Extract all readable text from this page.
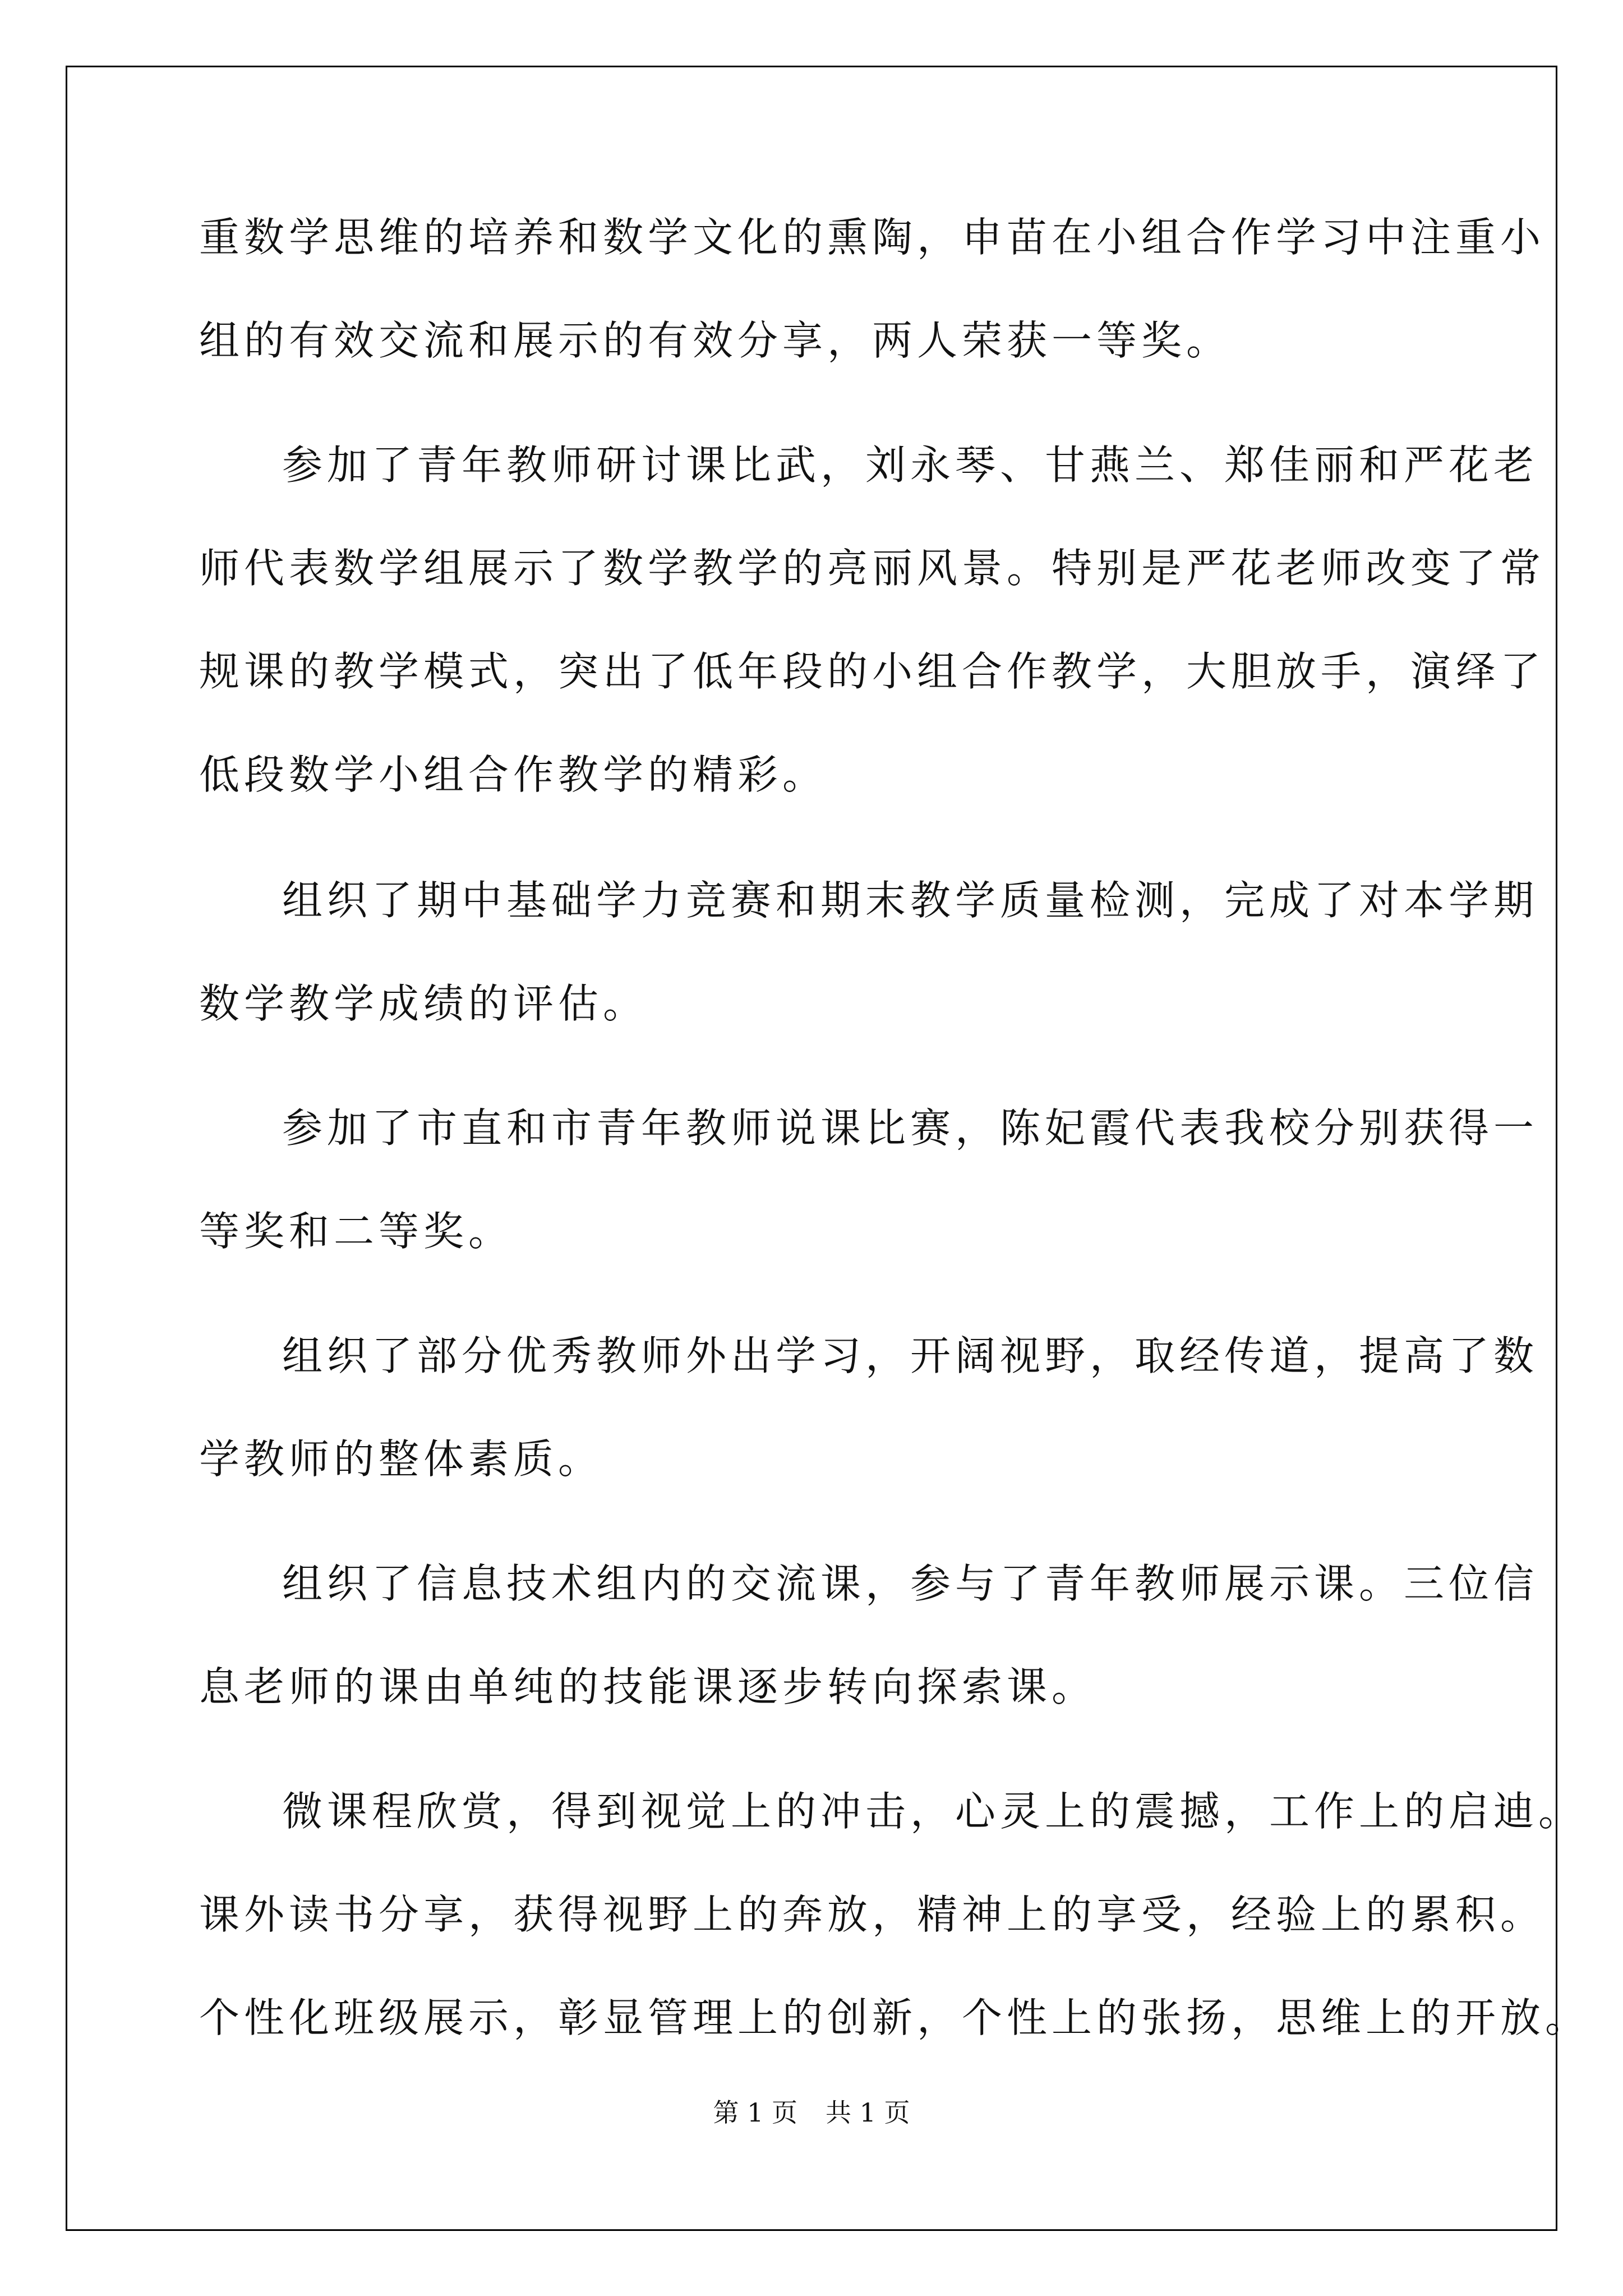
重数学思维的培养和数学文化的熏陶，申苗在小组合作学习中注重小
组的有效交流和展示的有效分享，两人荣获一等奖。
参加了青年教师研讨课比武，刘永琴、甘燕兰、郑佳丽和严花老
师代表数学组展示了数学教学的亮丽风景。特别是严花老师改变了常
规课的教学模式，突出了低年段的小组合作教学，大胆放手，演绎了
低段数学小组合作教学的精彩。
组织了期中基础学力竞赛和期末教学质量检测，完成了对本学期
数学教学成绩的评估。
参加了市直和市青年教师说课比赛，陈妃霞代表我校分别获得一
等奖和二等奖。
组织了部分优秀教师外出学习，开阔视野，取经传道，提高了数
学教师的整体素质。
组织了信息技术组内的交流课，参与了青年教师展示课。三位信
息老师的课由单纯的技能课逐步转向探索课。
微课程欣赏，得到视觉上的冲击，心灵上的震撼，工作上的启迪。
课外读书分享，获得视野上的奔放，精神上的享受，经验上的累积。
个性化班级展示，彰显管理上的创新，个性上的张扬，思维上的开放。
第 1 页 共 1 页
